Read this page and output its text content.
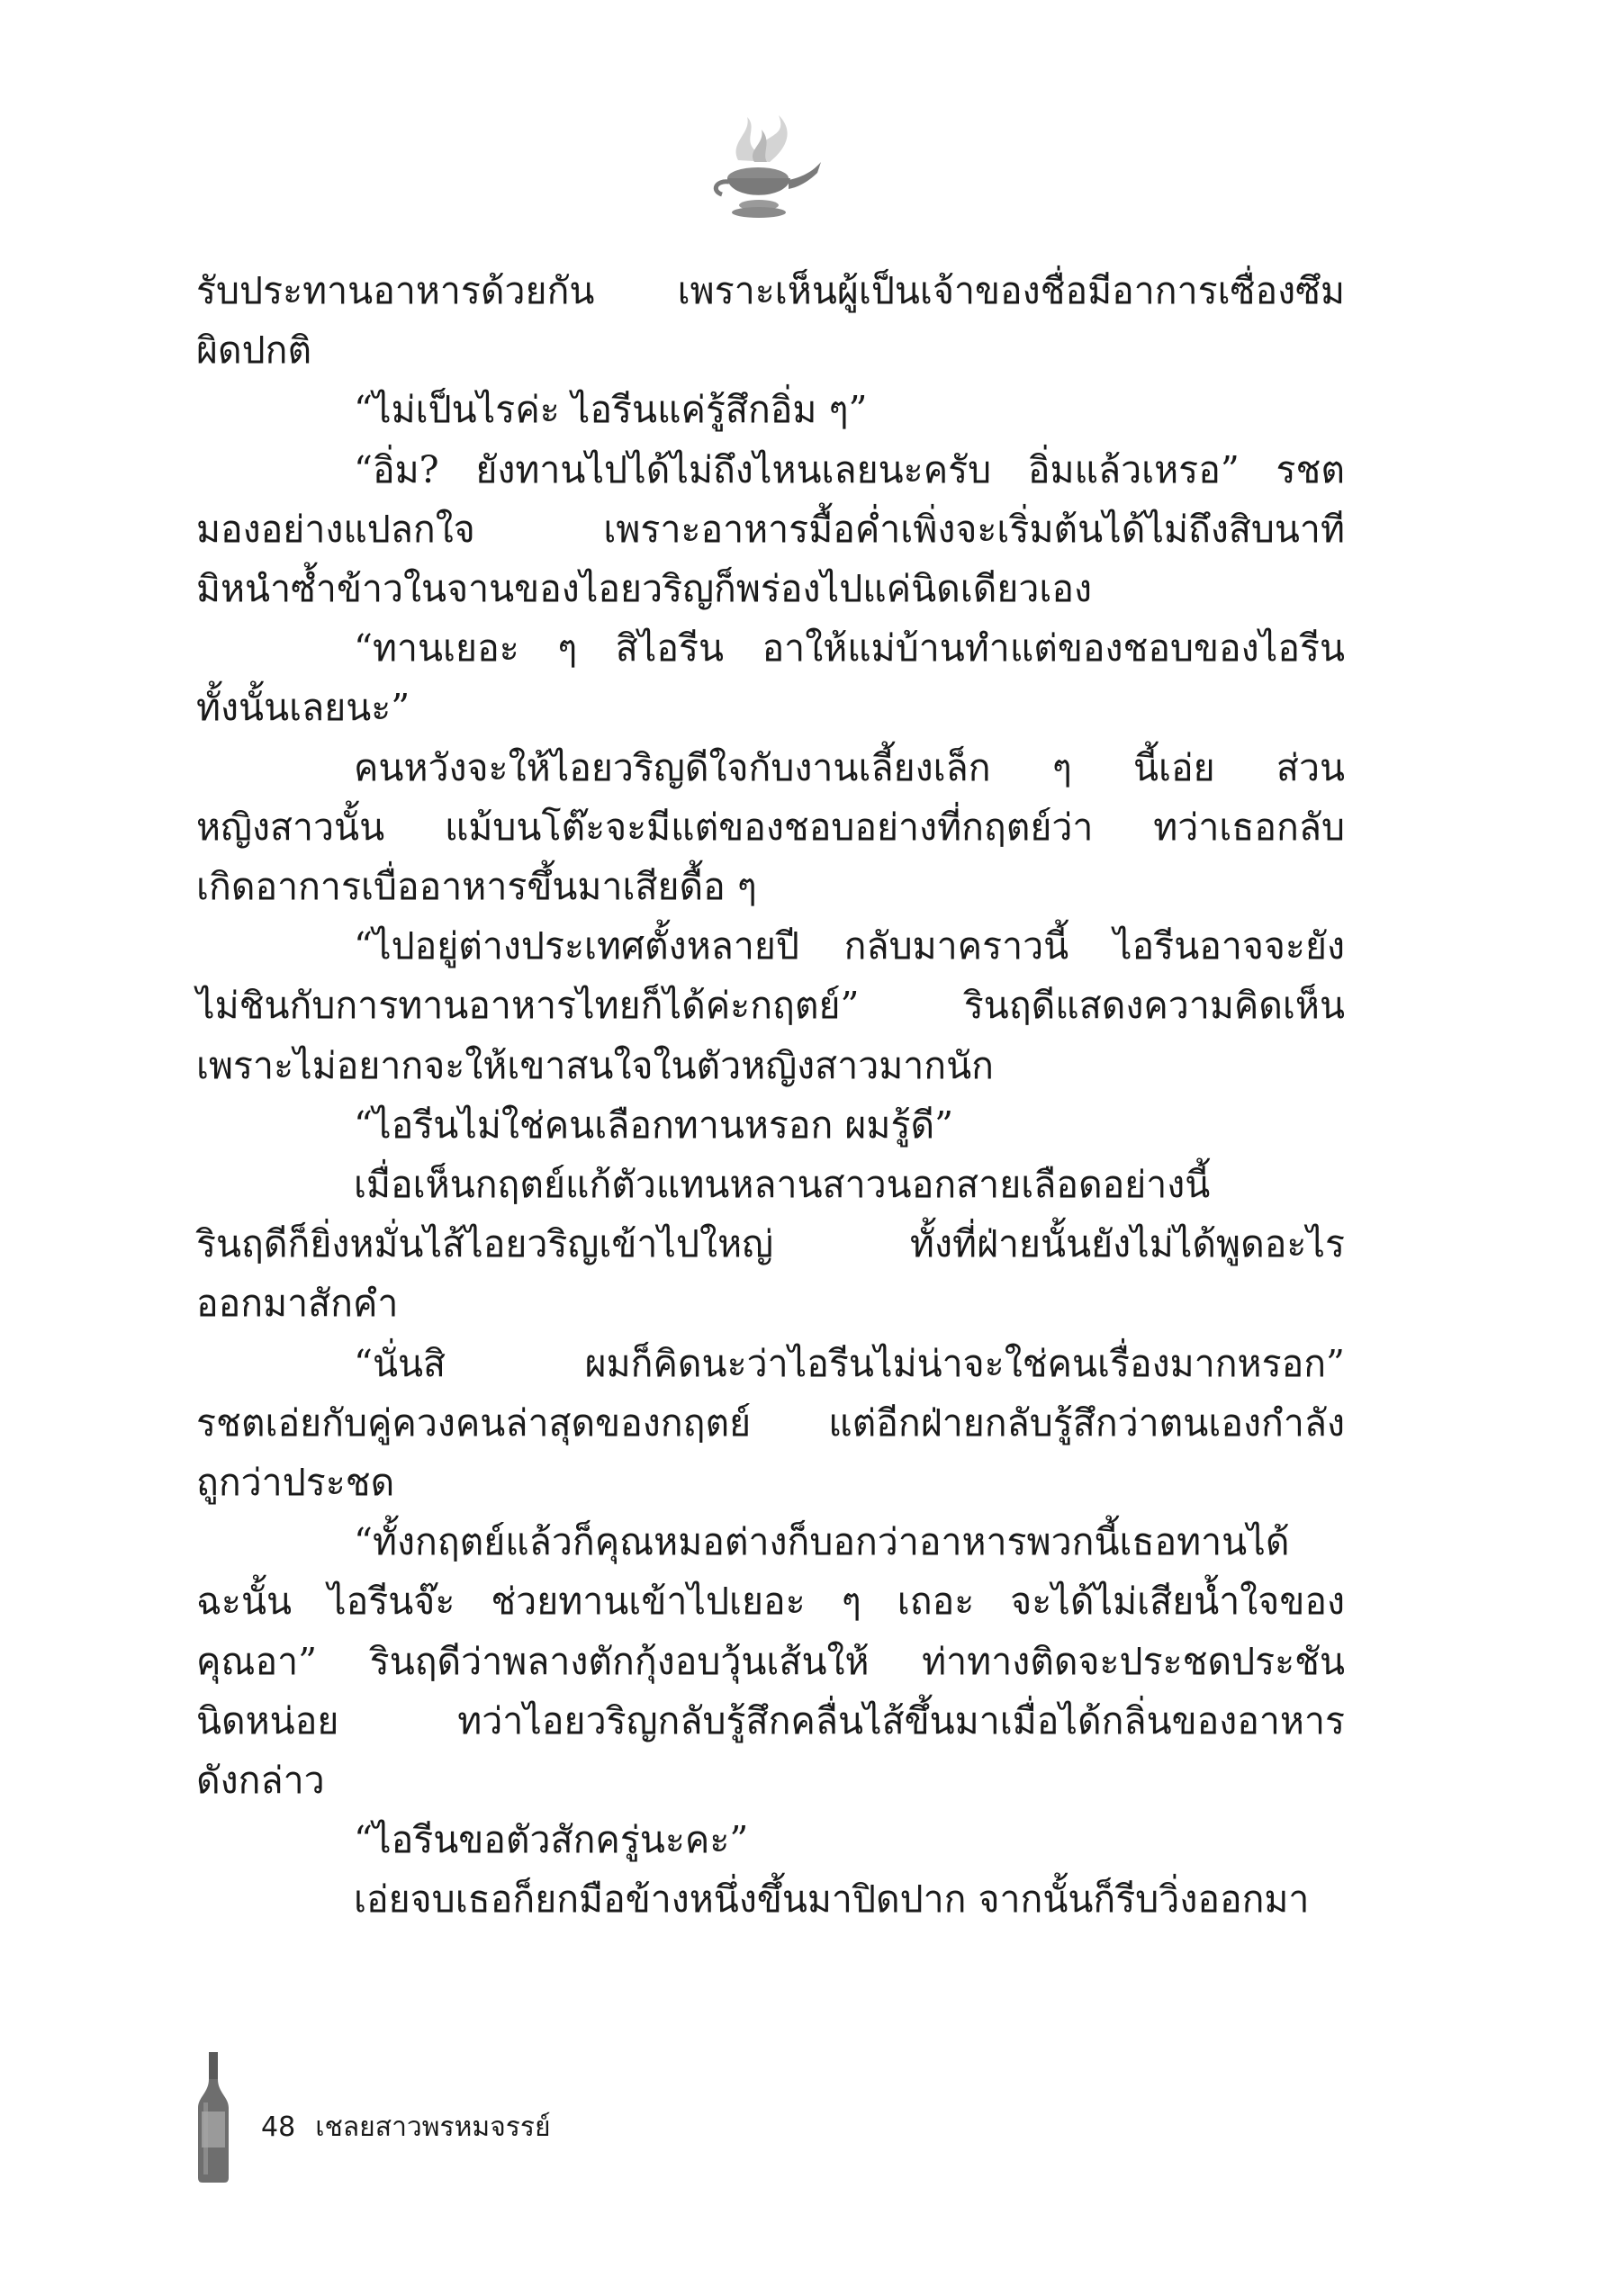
รับประทานอาหารด้วยกัน เพราะเห็นผู้เป็นเจ้าของชื่อมีอาการเซื่องซึม
ผิดปกติ
“ไม่เป็นไรค่ะ ไอรีนแค่รู้สึกอิ่ม ๆ”
“อิ่ม? ยังทานไปได้ไม่ถึงไหนเลยนะครับ อิ่มแล้วเหรอ” รชต
มองอย่างแปลกใจ เพราะอาหารมื้อค่ำเพิ่งจะเริ่มต้นได้ไม่ถึงสิบนาที
มิหนำซ้ำข้าวในจานของไอยวริญก็พร่องไปแค่นิดเดียวเอง
“ทานเยอะ ๆ สิไอรีน อาให้แม่บ้านทำแต่ของชอบของไอรีน
ทั้งนั้นเลยนะ”
คนหวังจะให้ไอยวริญดีใจกับงานเลี้ยงเล็ก ๆ นี้เอ่ย ส่วน
หญิงสาวนั้น แม้บนโต๊ะจะมีแต่ของชอบอย่างที่กฤตย์ว่า ทว่าเธอกลับ
เกิดอาการเบื่ออาหารขึ้นมาเสียดื้อ ๆ
“ไปอยู่ต่างประเทศตั้งหลายปี กลับมาคราวนี้ ไอรีนอาจจะยัง
ไม่ชินกับการทานอาหารไทยก็ได้ค่ะกฤตย์” รินฤดีแสดงความคิดเห็น
เพราะไม่อยากจะให้เขาสนใจในตัวหญิงสาวมากนัก
“ไอรีนไม่ใช่คนเลือกทานหรอก ผมรู้ดี”
เมื่อเห็นกฤตย์แก้ตัวแทนหลานสาวนอกสายเลือดอย่างนี้
รินฤดีก็ยิ่งหมั่นไส้ไอยวริญเข้าไปใหญ่ ทั้งที่ฝ่ายนั้นยังไม่ได้พูดอะไร
ออกมาสักคำ
“นั่นสิ ผมก็คิดนะว่าไอรีนไม่น่าจะใช่คนเรื่องมากหรอก”
รชตเอ่ยกับคู่ควงคนล่าสุดของกฤตย์ แต่อีกฝ่ายกลับรู้สึกว่าตนเองกำลัง
ถูกว่าประชด
“ทั้งกฤตย์แล้วก็คุณหมอต่างก็บอกว่าอาหารพวกนี้เธอทานได้
ฉะนั้น ไอรีนจ๊ะ ช่วยทานเข้าไปเยอะ ๆ เถอะ จะได้ไม่เสียน้ำใจของ
คุณอา” รินฤดีว่าพลางตักกุ้งอบวุ้นเส้นให้ ท่าทางติดจะประชดประชัน
นิดหน่อย ทว่าไอยวริญกลับรู้สึกคลื่นไส้ขึ้นมาเมื่อได้กลิ่นของอาหาร
ดังกล่าว
“ไอรีนขอตัวสักครู่นะคะ”
เอ่ยจบเธอก็ยกมือข้างหนึ่งขึ้นมาปิดปาก จากนั้นก็รีบวิ่งออกมา
48 เชลยสาวพรหมจรรย์
